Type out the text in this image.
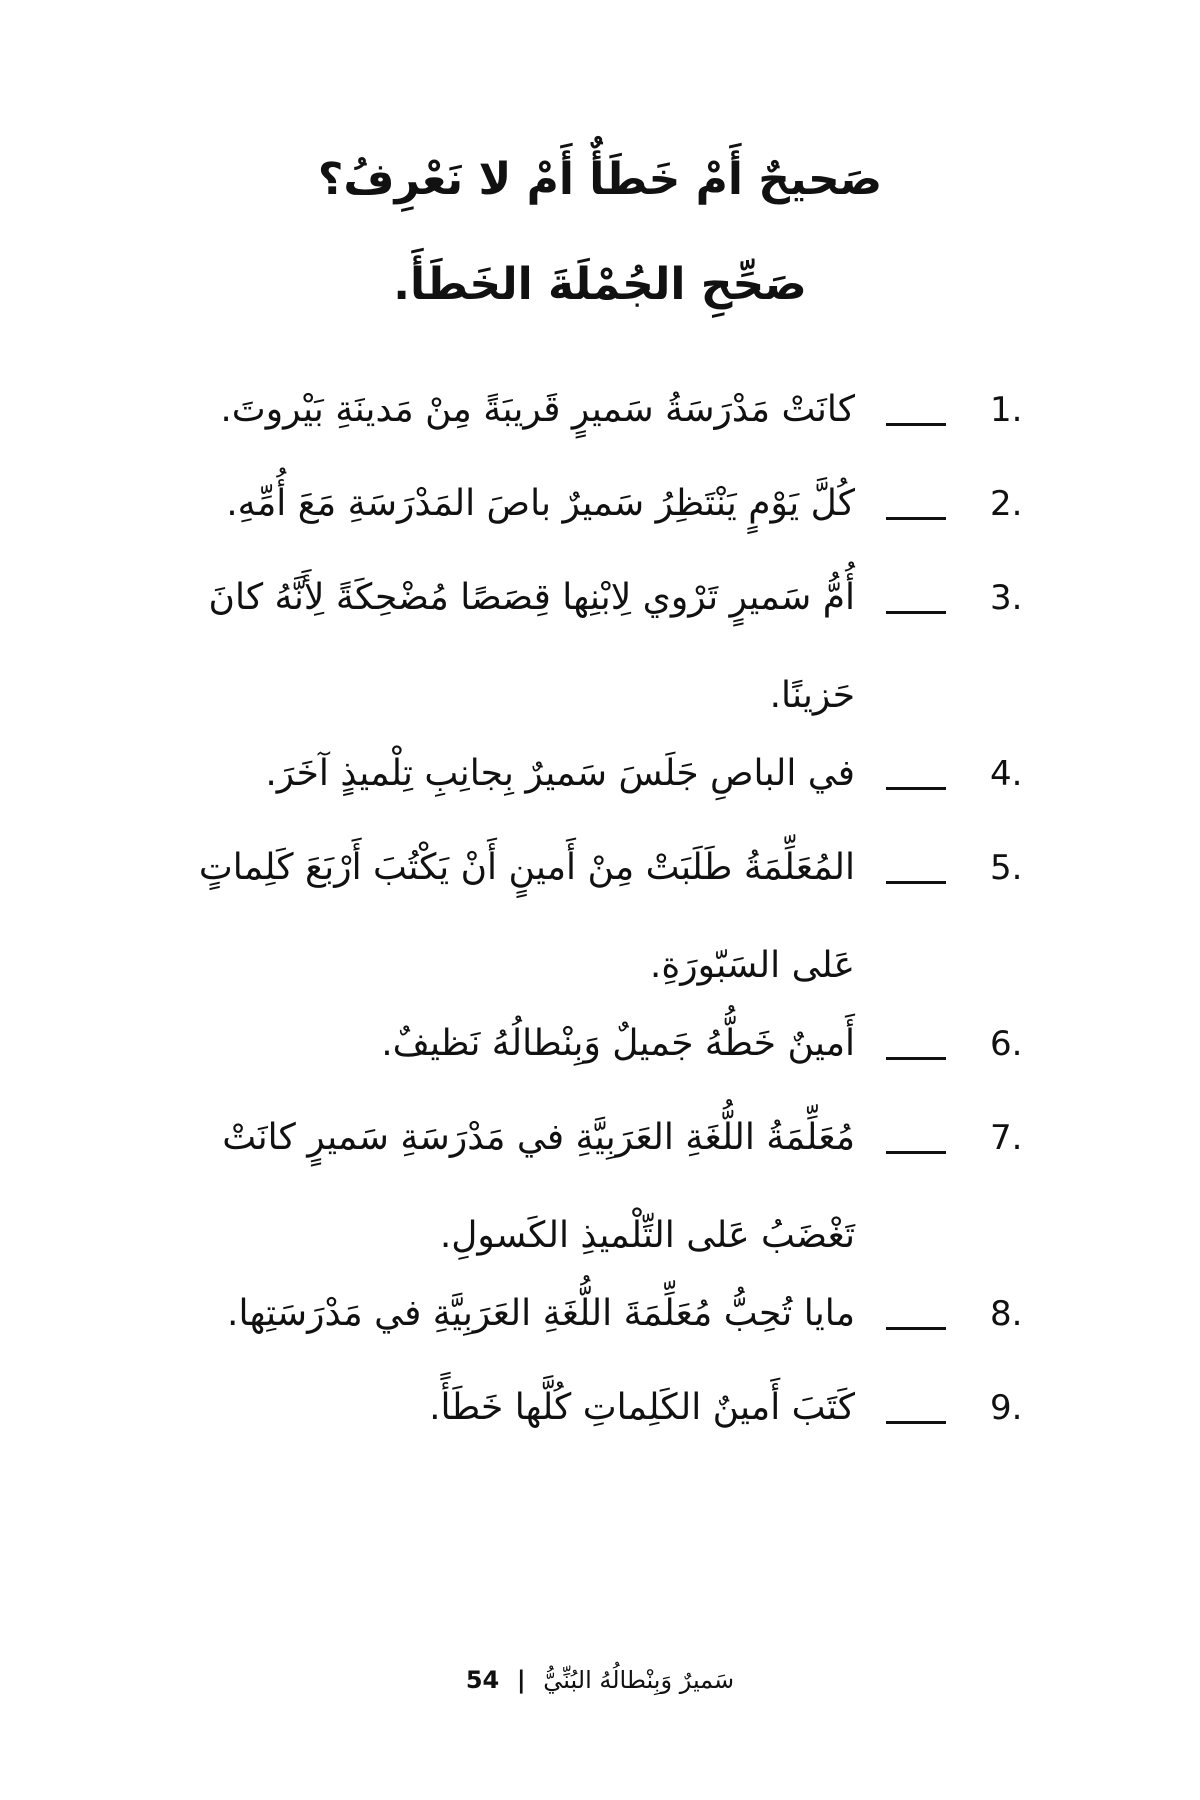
صَحيحٌ أَمْ خَطَأٌ أَمْ لا نَعْرِفُ؟
صَحِّحِ الجُمْلَةَ الخَطَأَ.
1.
كانَتْ مَدْرَسَةُ سَميرٍ قَريبَةً مِنْ مَدينَةِ بَيْروتَ.
2.
كُلَّ يَوْمٍ يَنْتَظِرُ سَميرٌ باصَ المَدْرَسَةِ مَعَ أُمِّهِ.
3.
أُمُّ سَميرٍ تَرْوي لِابْنِها قِصَصًا مُضْحِكَةً لِأَنَّهُ كانَ حَزينًا.
4.
في الباصِ جَلَسَ سَميرٌ بِجانِبِ تِلْميذٍ آخَرَ.
5.
المُعَلِّمَةُ طَلَبَتْ مِنْ أَمينٍ أَنْ يَكْتُبَ أَرْبَعَ كَلِماتٍ عَلى السَبّورَةِ.
6.
أَمينٌ خَطُّهُ جَميلٌ وَبِنْطالُهُ نَظيفٌ.
7.
مُعَلِّمَةُ اللُّغَةِ العَرَبِيَّةِ في مَدْرَسَةِ سَميرٍ كانَتْ تَغْضَبُ عَلى التِّلْميذِ الكَسولِ.
8.
مايا تُحِبُّ مُعَلِّمَةَ اللُّغَةِ العَرَبِيَّةِ في مَدْرَسَتِها.
9.
كَتَبَ أَمينٌ الكَلِماتِ كُلَّها خَطَأً.
سَميرٌ وَبِنْطالُهُ البُنِّيُّ | 54
